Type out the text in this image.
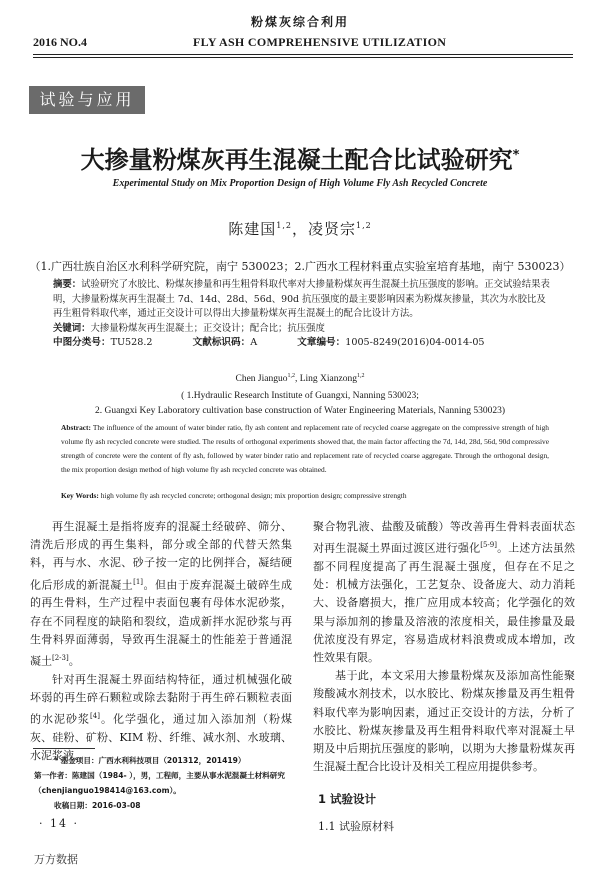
粉煤灰综合利用
2016 NO.4	FLY ASH COMPREHENSIVE UTILIZATION
试验与应用
大掺量粉煤灰再生混凝土配合比试验研究*
Experimental Study on Mix Proportion Design of High Volume Fly Ash Recycled Concrete
陈建国$^{1,2}$，凌贤宗$^{1,2}$
（1.广西壮族自治区水利科学研究院，南宁 530023；2.广西水工程材料重点实验室培育基地，南宁 530023）
摘要：试验研究了水胶比、粉煤灰掺量和再生粗骨料取代率对大掺量粉煤灰再生混凝土抗压强度的影响。正交试验结果表明，大掺量粉煤灰再生混凝土 7d、14d、28d、56d、90d 抗压强度的最主要影响因素为粉煤灰掺量，其次为水胶比及再生粗骨料取代率，通过正交设计可以得出大掺量粉煤灰再生混凝土的配合比设计方法。
关键词：大掺量粉煤灰再生混凝土；正交设计；配合比；抗压强度
中图分类号：TU528.2	文献标识码：A	文章编号：1005-8249(2016)04-0014-05
Chen Jianguo$^{1,2}$, Ling Xianzong$^{1,2}$
( 1.Hydraulic Research Institute of Guangxi, Nanning 530023;
2. Guangxi Key Laboratory cultivation base construction of Water Engineering Materials, Nanning 530023)
Abstract: The influence of the amount of water binder ratio, fly ash content and replacement rate of recycled coarse aggregate on the compressive strength of high volume fly ash recycled concrete were studied. The results of orthogonal experiments showed that, the main factor affecting the 7d, 14d, 28d, 56d, 90d compressive strength of concrete were the content of fly ash, followed by water binder ratio and replacement rate of recycled coarse aggregate. Through the orthogonal design, the mix proportion design method of high volume fly ash recycled concrete was obtained.
Key Words: high volume fly ash recycled concrete; orthogonal design; mix proportion design; compressive strength

再生混凝土是指将废弃的混凝土经破碎、筛分、清洗后形成的再生集料，部分或全部的代替天然集料，再与水、水泥、砂子按一定的比例拌合，凝结硬化后形成的新混凝土[1]。但由于废弃混凝土破碎生成的再生骨料，生产过程中表面包裹有母体水泥砂浆，存在不同程度的缺陷和裂纹，造成新拌水泥砂浆与再生骨料界面薄弱，导致再生混凝土的性能差于普通混凝土[2-3]。

针对再生混凝土界面结构特征，通过机械强化破坏弱的再生碎石颗粒或除去黏附于再生碎石颗粒表面的水泥砂浆[4]。化学强化，通过加入添加剂（粉煤灰、硅粉、矿粉、KIM 粉、纤维、减水剂、水玻璃、水泥浆液、

聚合物乳液、盐酸及硫酸）等改善再生骨料表面状态对再生混凝土界面过渡区进行强化[5-9]。上述方法虽然都不同程度提高了再生混凝土强度，但存在不足之处：机械方法强化，工艺复杂、设备庞大、动力消耗大、设备磨损大，推广应用成本较高；化学强化的效果与添加剂的掺量及溶液的浓度相关，最佳掺量及最优浓度没有界定，容易造成材料浪费或成本增加，改性效果有限。

基于此，本文采用大掺量粉煤灰及添加高性能聚羧酸减水剂技术，以水胶比、粉煤灰掺量及再生粗骨料取代率为影响因素，通过正交设计的方法，分析了水胶比、粉煤灰掺量及再生粗骨料取代率对混凝土早期及中后期抗压强度的影响，以期为大掺量粉煤灰再生混凝土配合比设计及相关工程应用提供参考。

1 试验设计
1.1 试验原材料

* 基金项目：广西水利科技项目（201312，201419）

第一作者：陈建国（1984- ），男，工程师，主要从事水泥混凝土材料研究（chenjianguo198414@163.com）。

收稿日期：2016-03-08

· 14 ·
万方数据
